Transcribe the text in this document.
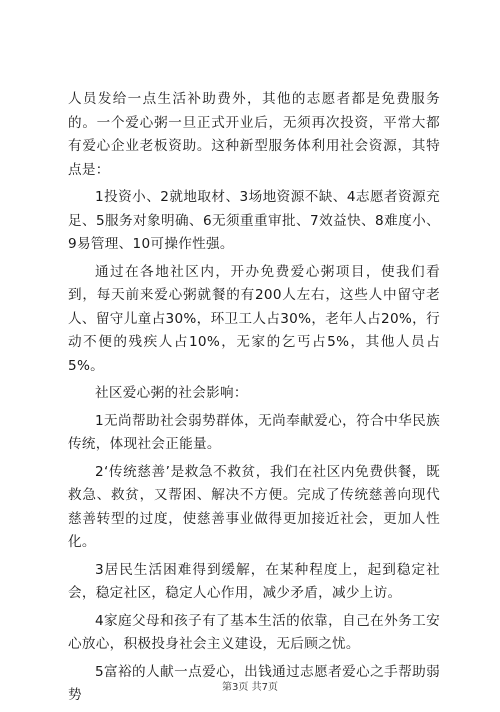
人员发给一点生活补助费外，其他的志愿者都是免费服务的。一个爱心粥一旦正式开业后，无须再次投资，平常大都有爱心企业老板资助。这种新型服务体利用社会资源，其特点是：

1投资小、2就地取材、3场地资源不缺、4志愿者资源充足、5服务对象明确、6无须重重审批、7效益快、8难度小、9易管理、10可操作性强。

通过在各地社区内，开办免费爱心粥项目，使我们看到，每天前来爱心粥就餐的有200人左右，这些人中留守老人、留守儿童占30%，环卫工人占30%，老年人占20%，行动不便的残疾人占10%，无家的乞丐占5%，其他人员占5%。

社区爱心粥的社会影响：

1无尚帮助社会弱势群体，无尚奉献爱心，符合中华民族传统，体现社会正能量。

2‘传统慈善’是救急不救贫，我们在社区内免费供餐，既救急、救贫，又帮困、解决不方便。完成了传统慈善向现代慈善转型的过度，使慈善事业做得更加接近社会，更加人性化。

3居民生活困难得到缓解，在某种程度上，起到稳定社会，稳定社区，稳定人心作用，减少矛盾，减少上访。

4家庭父母和孩子有了基本生活的依靠，自己在外务工安心放心，积极投身社会主义建设，无后顾之忧。

5富裕的人献一点爱心，出钱通过志愿者爱心之手帮助弱势	第3页 共7页
